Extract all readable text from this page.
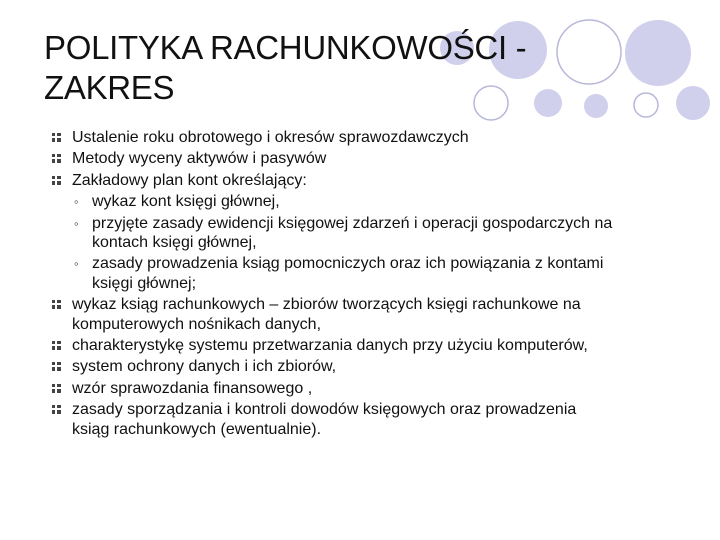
POLITYKA RACHUNKOWOŚCI -
ZAKRES
Ustalenie roku obrotowego i okresów sprawozdawczych
Metody wyceny aktywów i pasywów
Zakładowy plan kont określający:
◦ wykaz kont księgi głównej,
◦ przyjęte zasady ewidencji księgowej zdarzeń i operacji gospodarczych na
kontach księgi głównej,
◦ zasady prowadzenia ksiąg pomocniczych oraz ich powiązania z kontami
księgi głównej;
wykaz ksiąg rachunkowych – zbiorów tworzących księgi rachunkowe na
komputerowych nośnikach danych,
charakterystykę systemu przetwarzania danych przy użyciu komputerów,
system ochrony danych i ich zbiorów,
wzór sprawozdania finansowego ,
zasady sporządzania i kontroli dowodów księgowych oraz prowadzenia
ksiąg rachunkowych (ewentualnie).
